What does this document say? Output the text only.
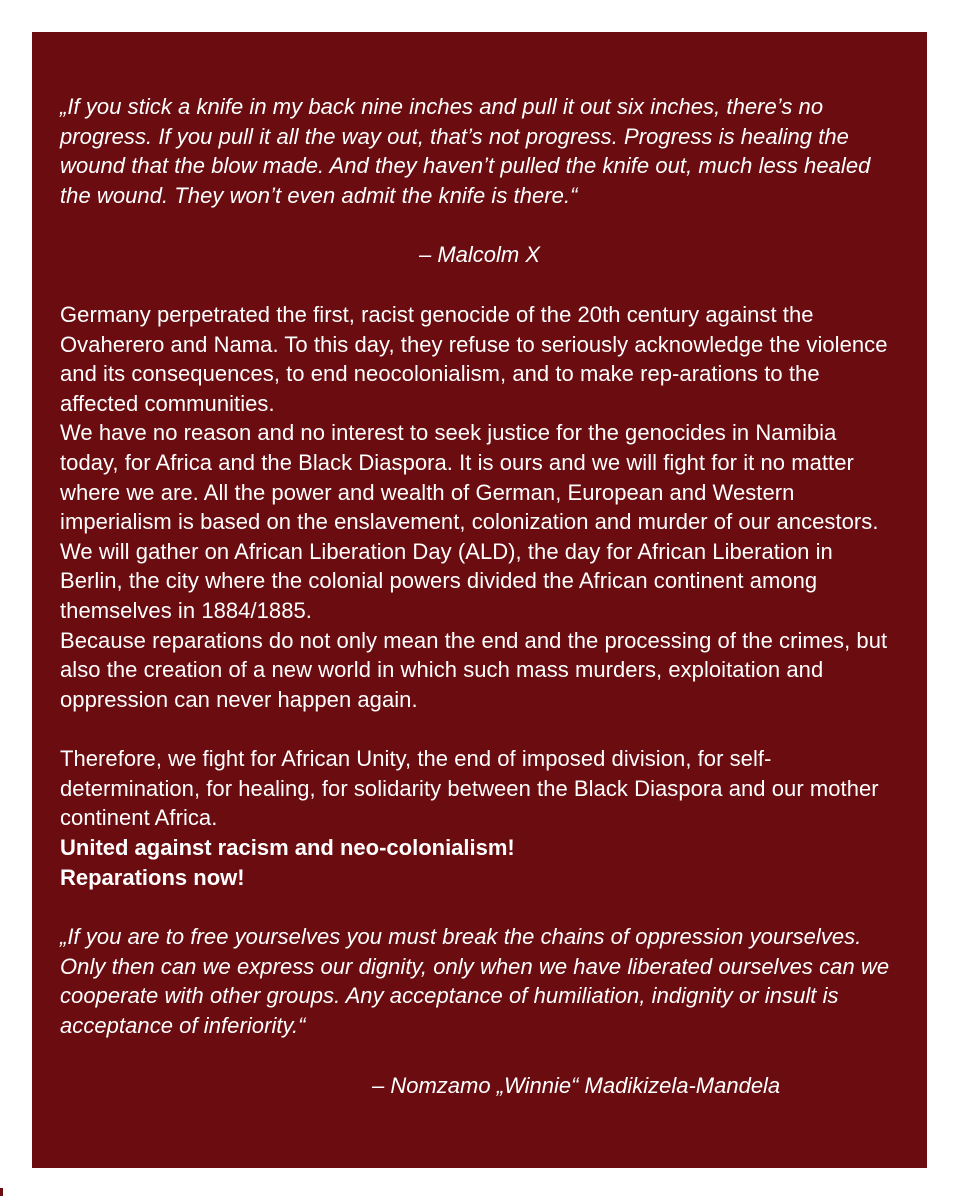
„If you stick a knife in my back nine inches and pull it out six inches, there’s no progress. If you pull it all the way out, that’s not progress. Progress is healing the wound that the blow made. And they haven’t pulled the knife out, much less healed the wound. They won’t even admit the knife is there.“

– Malcolm X

Germany perpetrated the first, racist genocide of the 20th century against the Ovaherero and Nama. To this day, they refuse to seriously acknowledge the violence and its consequences, to end neocolonialism, and to make rep-arations to the affected communities.

We have no reason and no interest to seek justice for the genocides in Namibia today, for Africa and the Black Diaspora. It is ours and we will fight for it no matter where we are. All the power and wealth of German, European and Western imperialism is based on the enslavement, colonization and murder of our ancestors.

We will gather on African Liberation Day (ALD), the day for African Liberation in Berlin, the city where the colonial powers divided the African continent among themselves in 1884/1885.

Because reparations do not only mean the end and the processing of the crimes, but also the creation of a new world in which such mass murders, exploitation and oppression can never happen again.

Therefore, we fight for African Unity, the end of imposed division, for self-determination, for healing, for solidarity between the Black Diaspora and our mother continent Africa.

United against racism and neo-colonialism!
Reparations now!

„If you are to free yourselves you must break the chains of oppression yourselves. Only then can we express our dignity, only when we have liberated ourselves can we cooperate with other groups. Any acceptance of humiliation, indignity or insult is acceptance of inferiority.“

– Nomzamo „Winnie“ Madikizela-Mandela
